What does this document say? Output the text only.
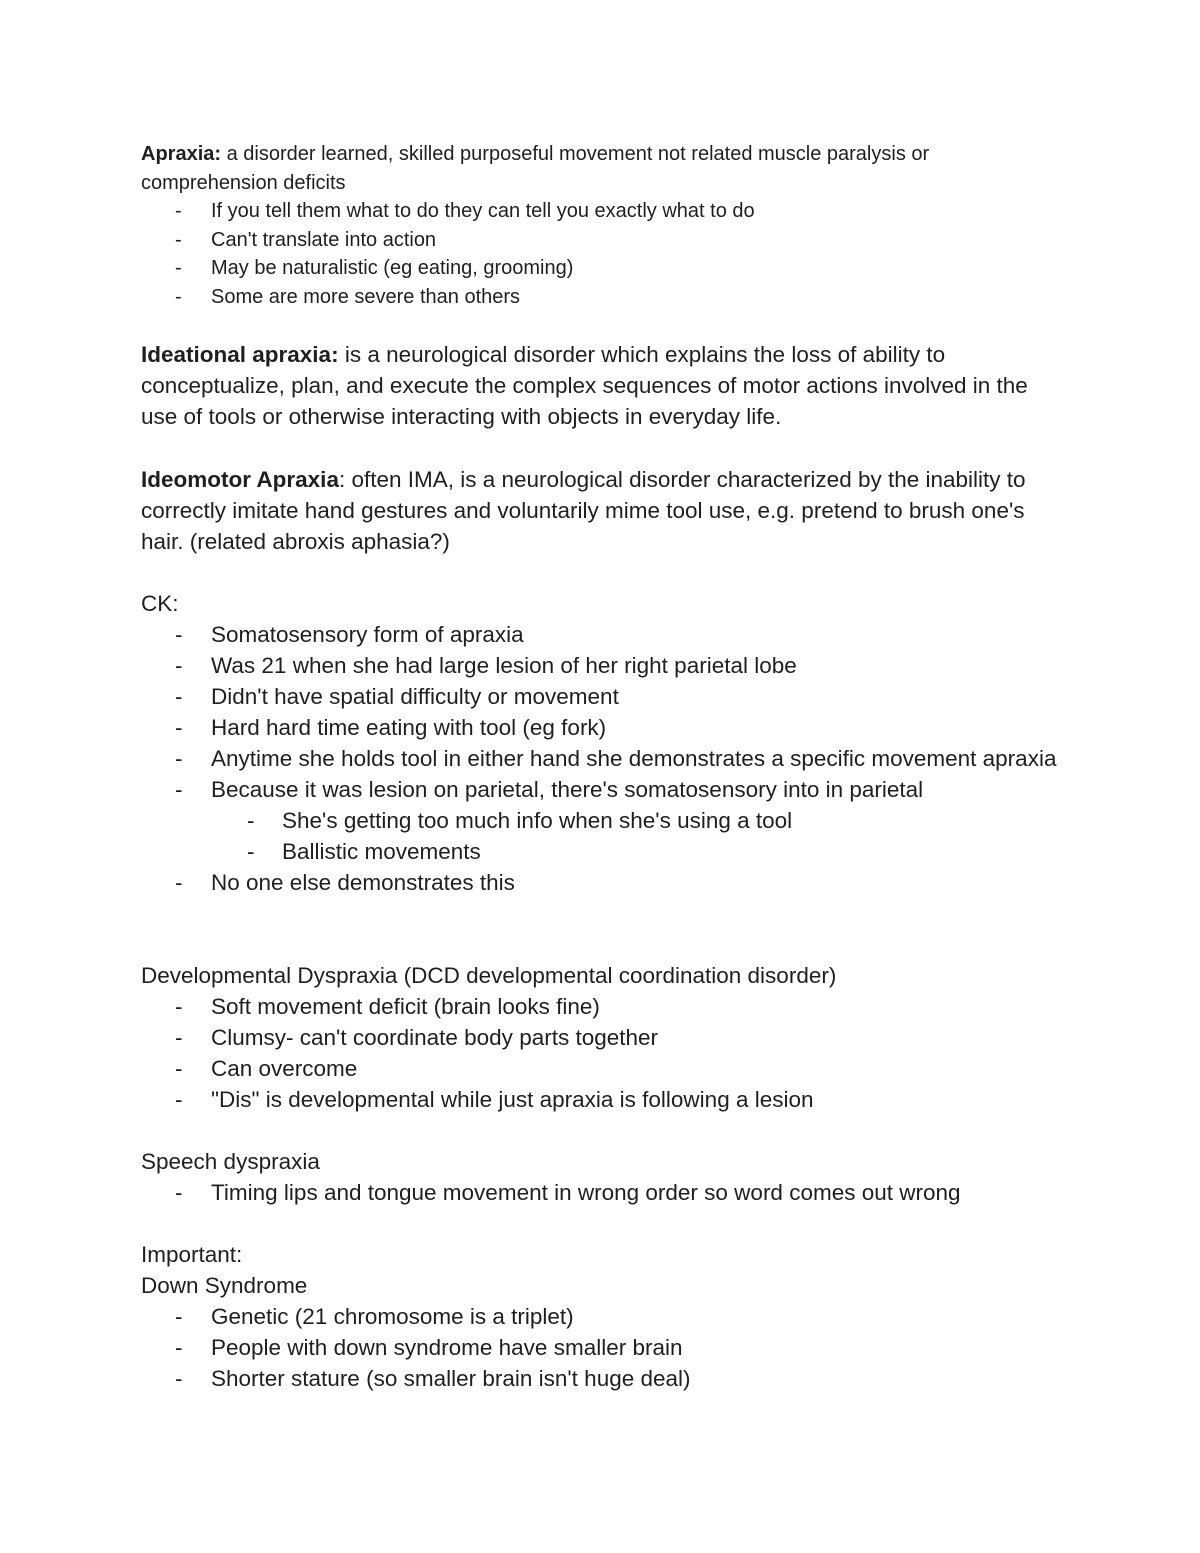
Apraxia: a disorder learned, skilled purposeful movement not related muscle paralysis or comprehension deficits

- If you tell them what to do they can tell you exactly what to do
- Can't translate into action
- May be naturalistic (eg eating, grooming)
- Some are more severe than others

Ideational apraxia: is a neurological disorder which explains the loss of ability to conceptualize, plan, and execute the complex sequences of motor actions involved in the use of tools or otherwise interacting with objects in everyday life.

Ideomotor Apraxia: often IMA, is a neurological disorder characterized by the inability to correctly imitate hand gestures and voluntarily mime tool use, e.g. pretend to brush one's hair. (related abroxis aphasia?)

CK:

- Somatosensory form of apraxia
- Was 21 when she had large lesion of her right parietal lobe
- Didn't have spatial difficulty or movement
- Hard hard time eating with tool (eg fork)
- Anytime she holds tool in either hand she demonstrates a specific movement apraxia
- Because it was lesion on parietal, there's somatosensory into in parietal
- She's getting too much info when she's using a tool
- Ballistic movements
- No one else demonstrates this

Developmental Dyspraxia (DCD developmental coordination disorder)

- Soft movement deficit (brain looks fine)
- Clumsy- can't coordinate body parts together
- Can overcome
- "Dis" is developmental while just apraxia is following a lesion

Speech dyspraxia

- Timing lips and tongue movement in wrong order so word comes out wrong

Important:

Down Syndrome

- Genetic (21 chromosome is a triplet)
- People with down syndrome have smaller brain
- Shorter stature (so smaller brain isn't huge deal)
